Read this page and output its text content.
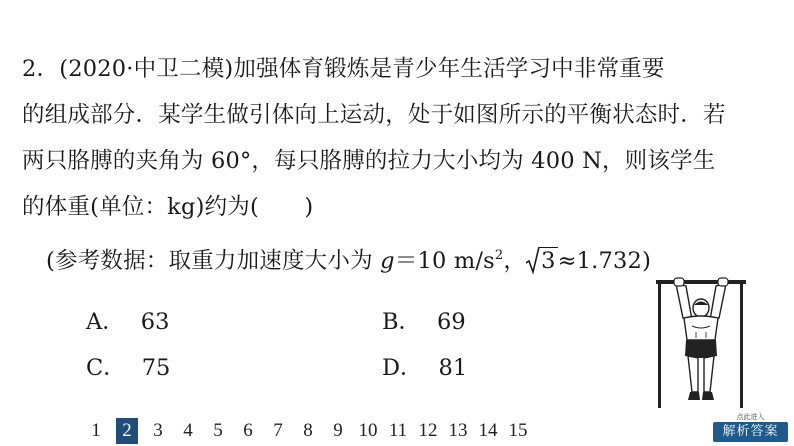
2．(2020·中卫二模)加强体育锻炼是青少年生活学习中非常重要
的组成部分．某学生做引体向上运动，处于如图所示的平衡状态时．若
两只胳膊的夹角为 60°，每只胳膊的拉力大小均为 400 N，则该学生
的体重(单位：kg)约为(　　)
(参考数据：取重力加速度大小为 g＝10 $m/s^2$， 3≈1.732)
A． 63	B． 69
C． 75	D． 81
1	2	3 4 5 6 7 8 9 10 11 12 13 14 15
点此进入
解析答案
